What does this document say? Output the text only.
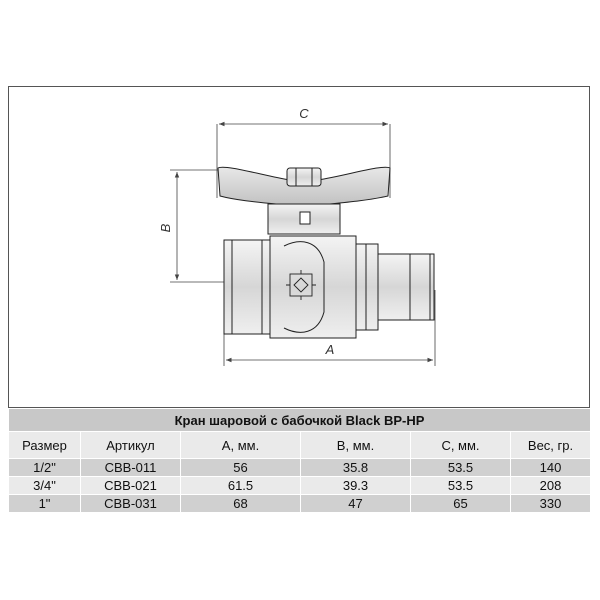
C
B
A
Кран шаровой с бабочкой Black BP-HP					
Размер	Артикул	А, мм.	В, мм.	С, мм.	Вес, гр.
1/2"	CBB-011	56	35.8	53.5	140
3/4"	CBB-021	61.5	39.3	53.5	208
1"	CBB-031	68	47	65	330
